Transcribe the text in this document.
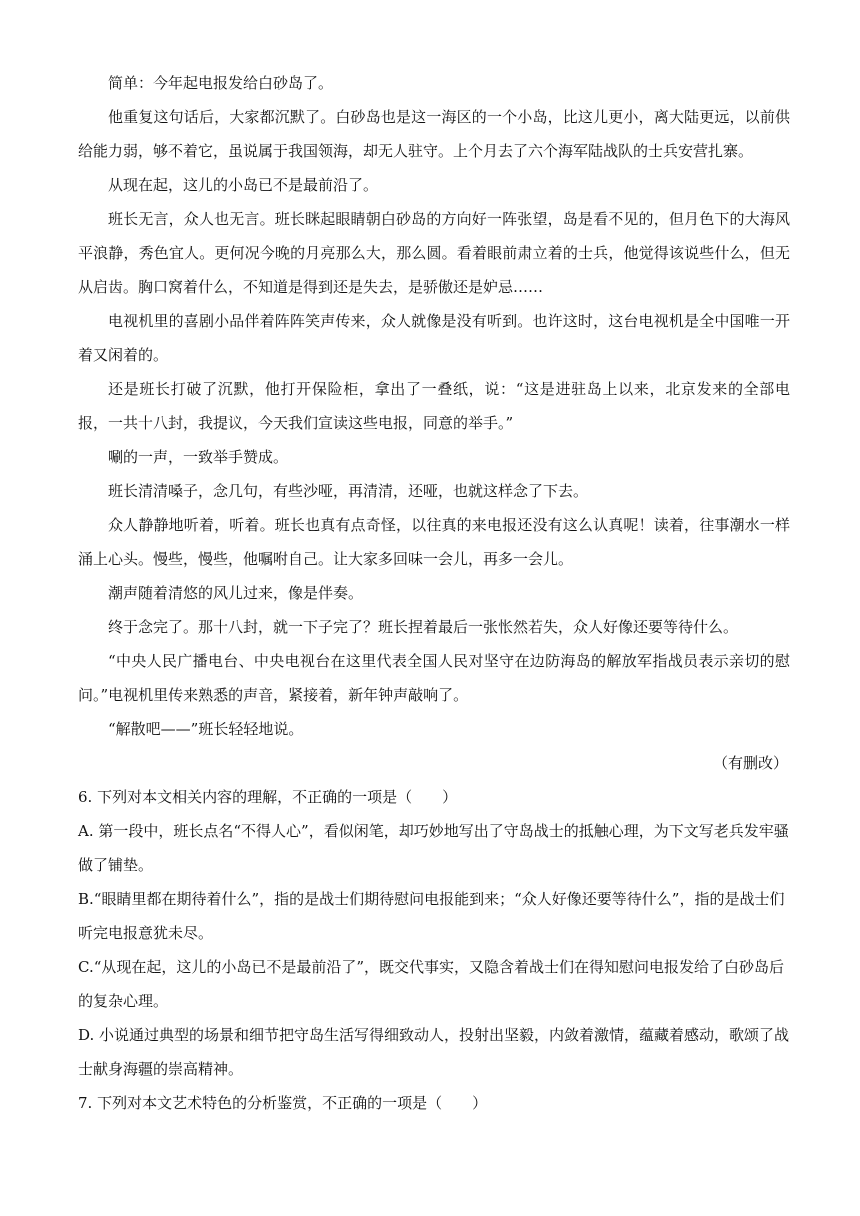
简单：今年起电报发给白砂岛了。

他重复这句话后，大家都沉默了。白砂岛也是这一海区的一个小岛，比这儿更小，离大陆更远，以前供给能力弱，够不着它，虽说属于我国领海，却无人驻守。上个月去了六个海军陆战队的士兵安营扎寨。

从现在起，这儿的小岛已不是最前沿了。

班长无言，众人也无言。班长眯起眼睛朝白砂岛的方向好一阵张望，岛是看不见的，但月色下的大海风平浪静，秀色宜人。更何况今晚的月亮那么大，那么圆。看着眼前肃立着的士兵，他觉得该说些什么，但无从启齿。胸口窝着什么，不知道是得到还是失去，是骄傲还是妒忌……

电视机里的喜剧小品伴着阵阵笑声传来，众人就像是没有听到。也许这时，这台电视机是全中国唯一开着又闲着的。

还是班长打破了沉默，他打开保险柜，拿出了一叠纸，说：“这是进驻岛上以来，北京发来的全部电报，一共十八封，我提议，今天我们宣读这些电报，同意的举手。”

唰的一声，一致举手赞成。

班长清清嗓子，念几句，有些沙哑，再清清，还哑，也就这样念了下去。

众人静静地听着，听着。班长也真有点奇怪，以往真的来电报还没有这么认真呢！读着，往事潮水一样涌上心头。慢些，慢些，他嘱咐自己。让大家多回味一会儿，再多一会儿。

潮声随着清悠的风儿过来，像是伴奏。

终于念完了。那十八封，就一下子完了？班长捏着最后一张怅然若失，众人好像还要等待什么。

“中央人民广播电台、中央电视台在这里代表全国人民对坚守在边防海岛的解放军指战员表示亲切的慰问。”电视机里传来熟悉的声音，紧接着，新年钟声敲响了。

“解散吧——”班长轻轻地说。

（有删改）

6. 下列对本文相关内容的理解，不正确的一项是（　　）

A. 第一段中，班长点名“不得人心”，看似闲笔，却巧妙地写出了守岛战士的抵触心理，为下文写老兵发牢骚做了铺垫。

B.“眼睛里都在期待着什么”，指的是战士们期待慰问电报能到来；“众人好像还要等待什么”，指的是战士们听完电报意犹未尽。

C.“从现在起，这儿的小岛已不是最前沿了”，既交代事实，又隐含着战士们在得知慰问电报发给了白砂岛后的复杂心理。

D. 小说通过典型的场景和细节把守岛生活写得细致动人，投射出坚毅，内敛着激情，蕴藏着感动，歌颂了战士献身海疆的崇高精神。

7. 下列对本文艺术特色的分析鉴赏，不正确的一项是（　　）
